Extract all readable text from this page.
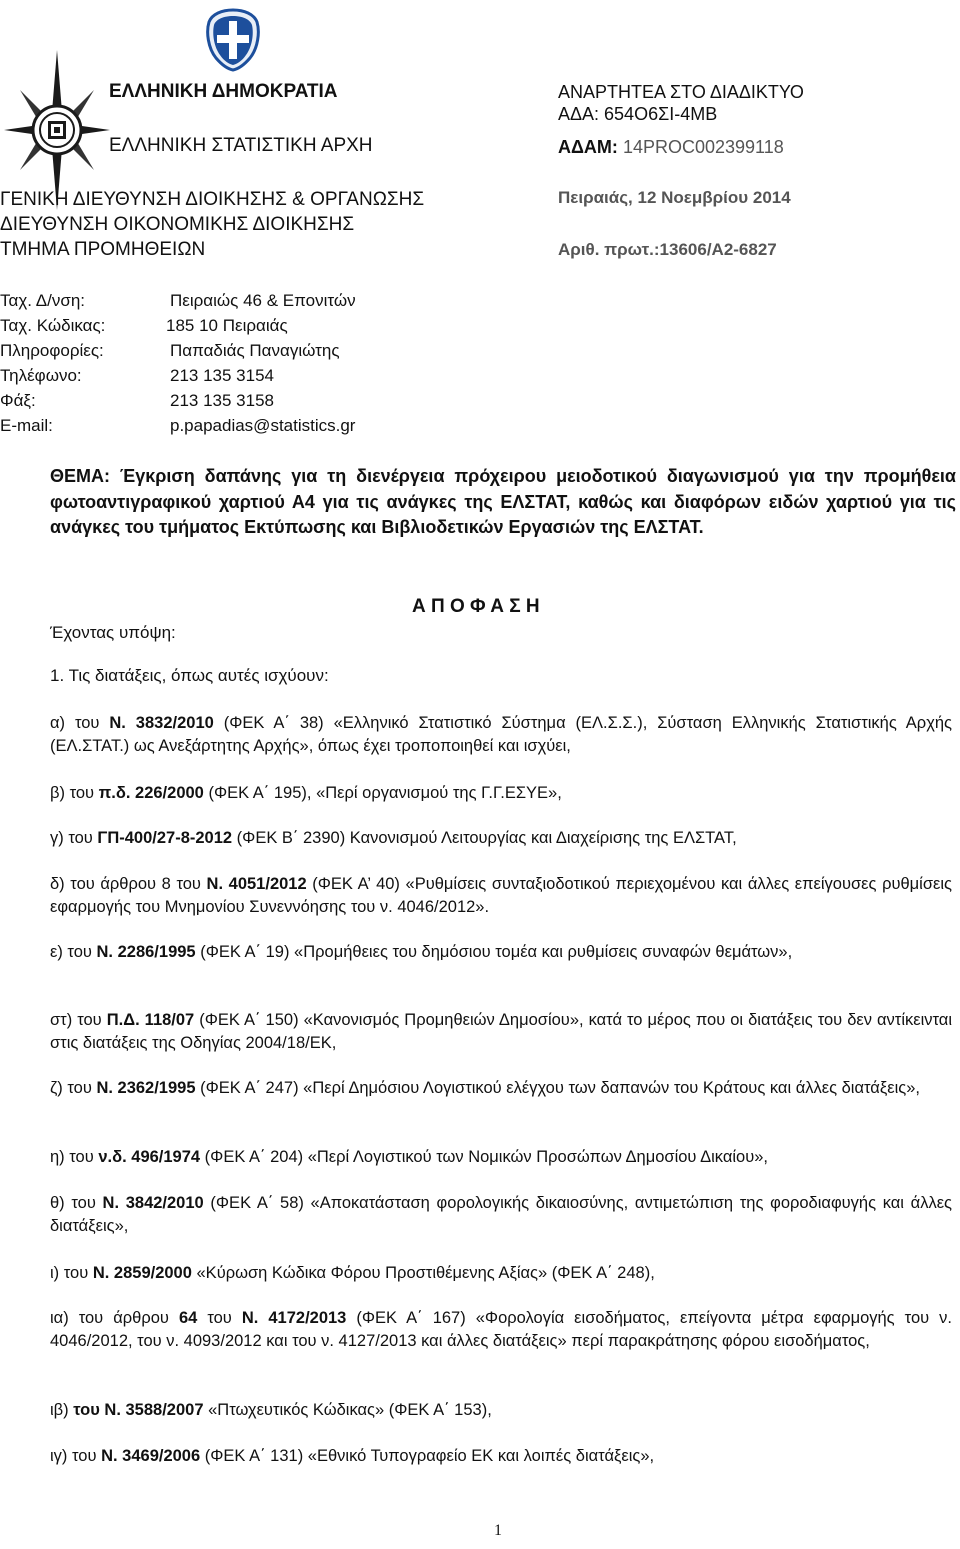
ΕΛΛΗΝΙΚΗ ΔΗΜΟΚΡΑΤΙΑ

ΕΛΛΗΝΙΚΗ ΣΤΑΤΙΣΤΙΚΗ ΑΡΧΗ

ΓΕΝΙΚΗ ΔΙΕΥΘΥΝΣΗ ΔΙΟΙΚΗΣΗΣ & ΟΡΓΑΝΩΣΗΣ

ΔΙΕΥΘΥΝΣΗ ΟΙΚΟΝΟΜΙΚΗΣ ΔΙΟΙΚΗΣΗΣ

ΤΜΗΜΑ ΠΡΟΜΗΘΕΙΩΝ

ΑΝΑΡΤΗΤΕΑ ΣΤΟ ΔΙΑΔΙΚΤΥΟ

ΑΔΑ: 654Ο6ΣΙ-4ΜΒ

ΑΔΑΜ: 14PROC002399118

Πειραιάς, 12 Νοεμβρίου 2014

Αριθ. πρωτ.:13606/Α2-6827

Ταχ. Δ/νση:	Πειραιώς 46 & Επονιτών

Ταχ. Κώδικας:	185 10 Πειραιάς

Πληροφορίες:	Παπαδιάς Παναγιώτης

Τηλέφωνο:	213 135 3154

Φάξ:	213 135 3158

E-mail:	p.papadias@statistics.gr

ΘΕΜΑ: Έγκριση δαπάνης για τη διενέργεια πρόχειρου μειοδοτικού διαγωνισμού για την προμήθεια φωτοαντιγραφικού χαρτιού Α4 για τις ανάγκες της ΕΛΣΤΑΤ, καθώς και διαφόρων ειδών χαρτιού για τις ανάγκες του τμήματος Εκτύπωσης και Βιβλιοδετικών Εργασιών της ΕΛΣΤΑΤ.

Α Π Ο Φ Α Σ Η

Έχοντας υπόψη:

1. Τις διατάξεις, όπως αυτές ισχύουν:

α) του Ν. 3832/2010 (ΦΕΚ Α΄ 38) «Ελληνικό Στατιστικό Σύστημα (ΕΛ.Σ.Σ.), Σύσταση Ελληνικής Στατιστικής Αρχής (ΕΛ.ΣΤΑΤ.) ως Ανεξάρτητης Αρχής», όπως έχει τροποποιηθεί και ισχύει,

β) του π.δ. 226/2000 (ΦΕΚ Α΄ 195), «Περί οργανισμού της Γ.Γ.ΕΣΥΕ»,

γ) του ΓΠ-400/27-8-2012 (ΦΕΚ Β΄ 2390) Κανονισμού Λειτουργίας και Διαχείρισης της ΕΛΣΤΑΤ,

δ) του άρθρου 8 του Ν. 4051/2012 (ΦΕΚ Α’ 40) «Ρυθμίσεις συνταξιοδοτικού περιεχομένου και άλλες επείγουσες ρυθμίσεις εφαρμογής του Μνημονίου Συνεννόησης του ν. 4046/2012».

ε) του Ν. 2286/1995 (ΦΕΚ Α΄ 19) «Προμήθειες του δημόσιου τομέα και ρυθμίσεις συναφών θεμάτων»,

στ) του Π.Δ. 118/07 (ΦΕΚ Α΄ 150) «Κανονισμός Προμηθειών Δημοσίου», κατά το μέρος που οι διατάξεις του δεν αντίκεινται στις διατάξεις της Οδηγίας 2004/18/ΕΚ,

ζ) του Ν. 2362/1995 (ΦΕΚ Α΄ 247) «Περί Δημόσιου Λογιστικού ελέγχου των δαπανών του Κράτους και άλλες διατάξεις»,

η) του ν.δ. 496/1974 (ΦΕΚ Α΄ 204) «Περί Λογιστικού των Νομικών Προσώπων Δημοσίου Δικαίου»,

θ) του Ν. 3842/2010 (ΦΕΚ Α΄ 58) «Αποκατάσταση φορολογικής δικαιοσύνης, αντιμετώπιση της φοροδιαφυγής και άλλες διατάξεις»,

ι) του Ν. 2859/2000 «Κύρωση Κώδικα Φόρου Προστιθέμενης Αξίας» (ΦΕΚ Α΄ 248),

ια) του άρθρου 64 του Ν. 4172/2013 (ΦΕΚ Α΄ 167) «Φορολογία εισοδήματος, επείγοντα μέτρα εφαρμογής του ν. 4046/2012, του ν. 4093/2012 και του ν. 4127/2013 και άλλες διατάξεις» περί παρακράτησης φόρου εισοδήματος,

ιβ) του Ν. 3588/2007 «Πτωχευτικός Κώδικας» (ΦΕΚ Α΄ 153),

ιγ) του Ν. 3469/2006 (ΦΕΚ Α΄ 131) «Εθνικό Τυπογραφείο ΕΚ και λοιπές διατάξεις»,

1
